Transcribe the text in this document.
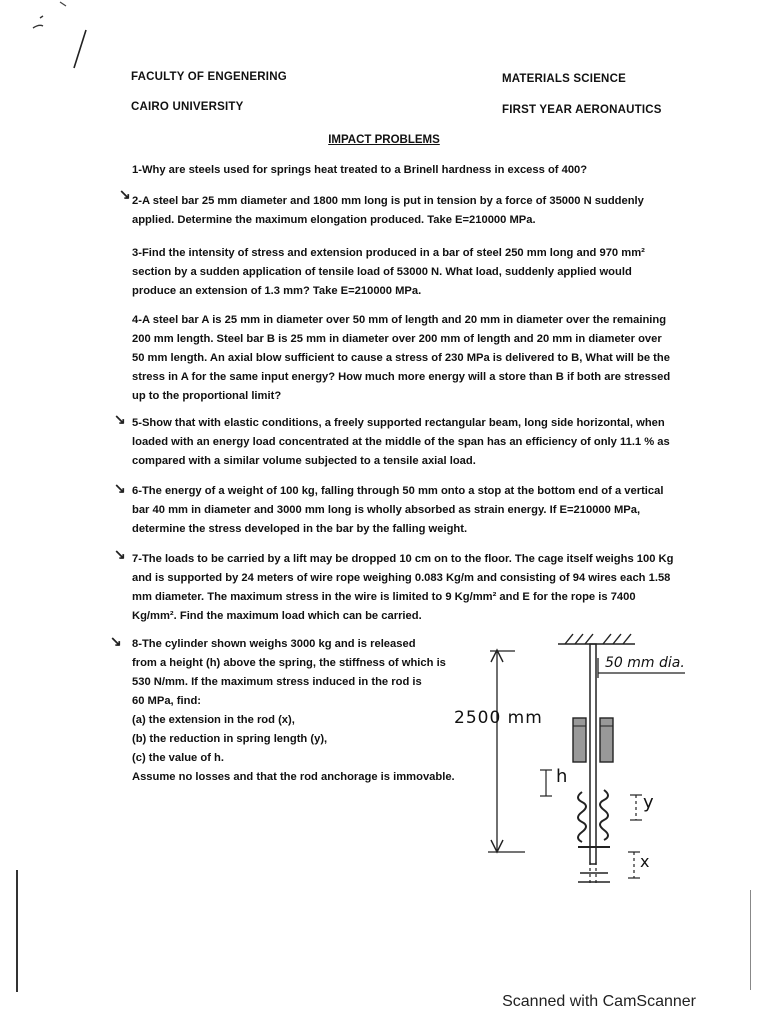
FACULTY OF ENGENERING	MATERIALS SCIENCE
CAIRO UNIVERSITY	FIRST YEAR AERONAUTICS
IMPACT PROBLEMS

1-Why are steels used for springs heat treated to a Brinell hardness in excess of 400?

↘ 2-A steel bar 25 mm diameter and 1800 mm long is put in tension by a force of 35000 N suddenly applied. Determine the maximum elongation produced. Take E=210000 MPa.

3-Find the intensity of stress and extension produced in a bar of steel 250 mm long and 970 mm² section by a sudden application of tensile load of 53000 N. What load, suddenly applied would produce an extension of 1.3 mm? Take E=210000 MPa.

4-A steel bar A is 25 mm in diameter over 50 mm of length and 20 mm in diameter over the remaining 200 mm length. Steel bar B is 25 mm in diameter over 200 mm of length and 20 mm in diameter over 50 mm length. An axial blow sufficient to cause a stress of 230 MPa is delivered to B, What will be the stress in A for the same input energy? How much more energy will a store than B if both are stressed up to the proportional limit?

↘ 5-Show that with elastic conditions, a freely supported rectangular beam, long side horizontal, when loaded with an energy load concentrated at the middle of the span has an efficiency of only 11.1 % as compared with a similar volume subjected to a tensile axial load.

↘ 6-The energy of a weight of 100 kg, falling through 50 mm onto a stop at the bottom end of a vertical bar 40 mm in diameter and 3000 mm long is wholly absorbed as strain energy. If E=210000 MPa, determine the stress developed in the bar by the falling weight.

↘ 7-The loads to be carried by a lift may be dropped 10 cm on to the floor. The cage itself weighs 100 Kg and is supported by 24 meters of wire rope weighing 0.083 Kg/m and consisting of 94 wires each 1.58 mm diameter. The maximum stress in the wire is limited to 9 Kg/mm² and E for the rope is 7400 Kg/mm². Find the maximum load which can be carried.

↘ 8-The cylinder shown weighs 3000 kg and is released

from a height (h) above the spring, the stiffness of which is

530 N/mm. If the maximum stress induced in the rod is

60 MPa, find:

(a) the extension in the rod (x),

(b) the reduction in spring length (y),

(c) the value of h.

Assume no losses and that the rod anchorage is immovable.

50 mm dia.
2500 mm
h
y
x
Scanned with CamScanner
